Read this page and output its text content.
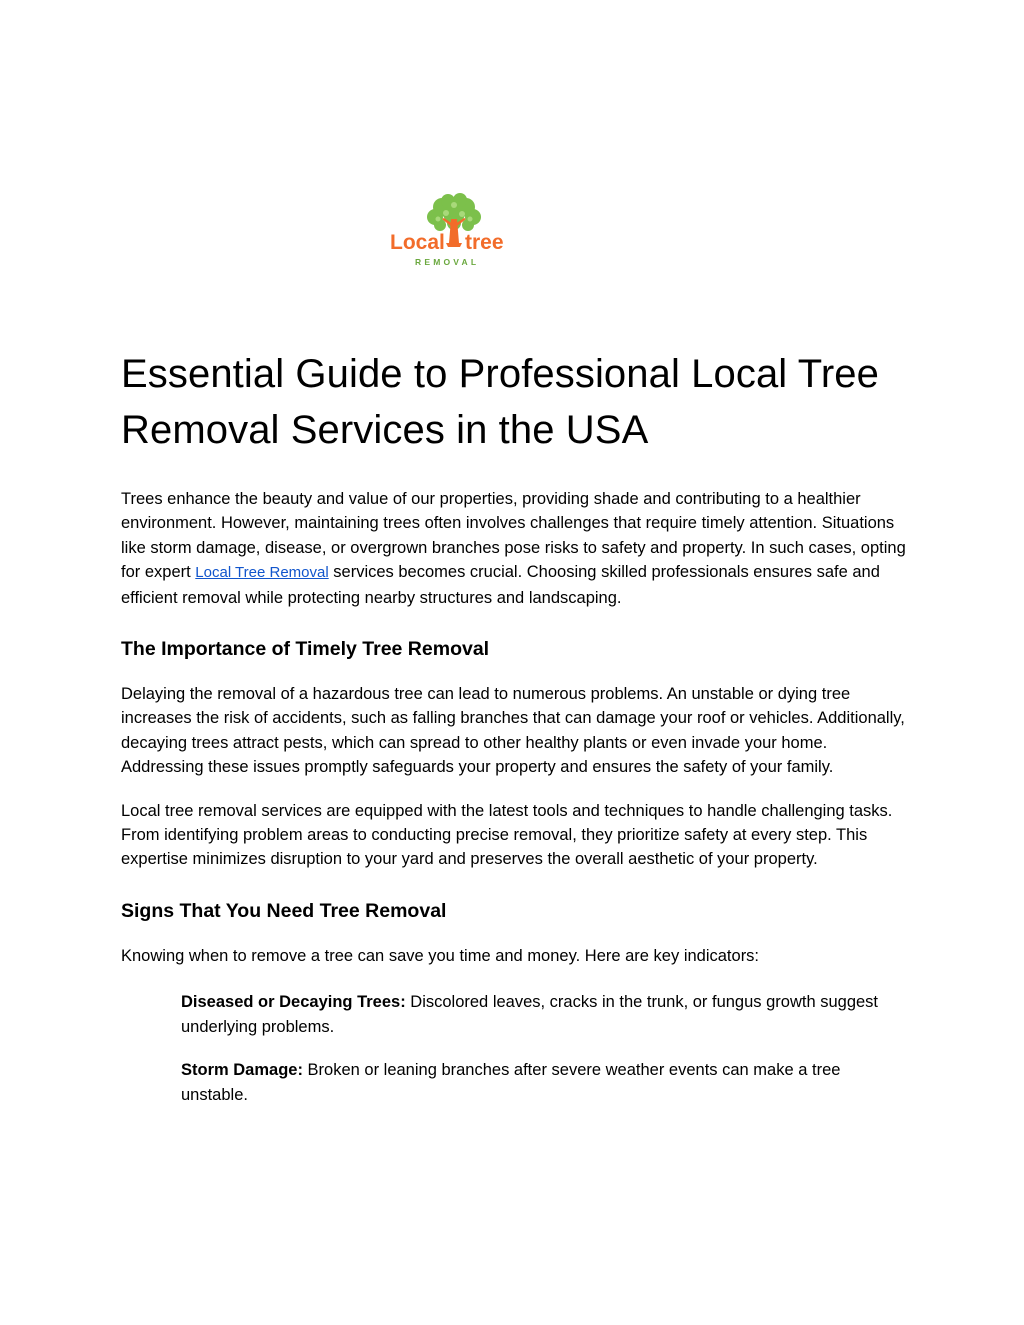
Local tree
REMOVAL
Essential Guide to Professional Local Tree Removal Services in the USA

Trees enhance the beauty and value of our properties, providing shade and contributing to a healthier environment. However, maintaining trees often involves challenges that require timely attention. Situations like storm damage, disease, or overgrown branches pose risks to safety and property. In such cases, opting for expert Local Tree Removal services becomes crucial. Choosing skilled professionals ensures safe and efficient removal while protecting nearby structures and landscaping.

The Importance of Timely Tree Removal

Delaying the removal of a hazardous tree can lead to numerous problems. An unstable or dying tree increases the risk of accidents, such as falling branches that can damage your roof or vehicles. Additionally, decaying trees attract pests, which can spread to other healthy plants or even invade your home. Addressing these issues promptly safeguards your property and ensures the safety of your family.

Local tree removal services are equipped with the latest tools and techniques to handle challenging tasks. From identifying problem areas to conducting precise removal, they prioritize safety at every step. This expertise minimizes disruption to your yard and preserves the overall aesthetic of your property.

Signs That You Need Tree Removal

Knowing when to remove a tree can save you time and money. Here are key indicators:

Diseased or Decaying Trees: Discolored leaves, cracks in the trunk, or fungus growth suggest underlying problems.

Storm Damage: Broken or leaning branches after severe weather events can make a tree unstable.
